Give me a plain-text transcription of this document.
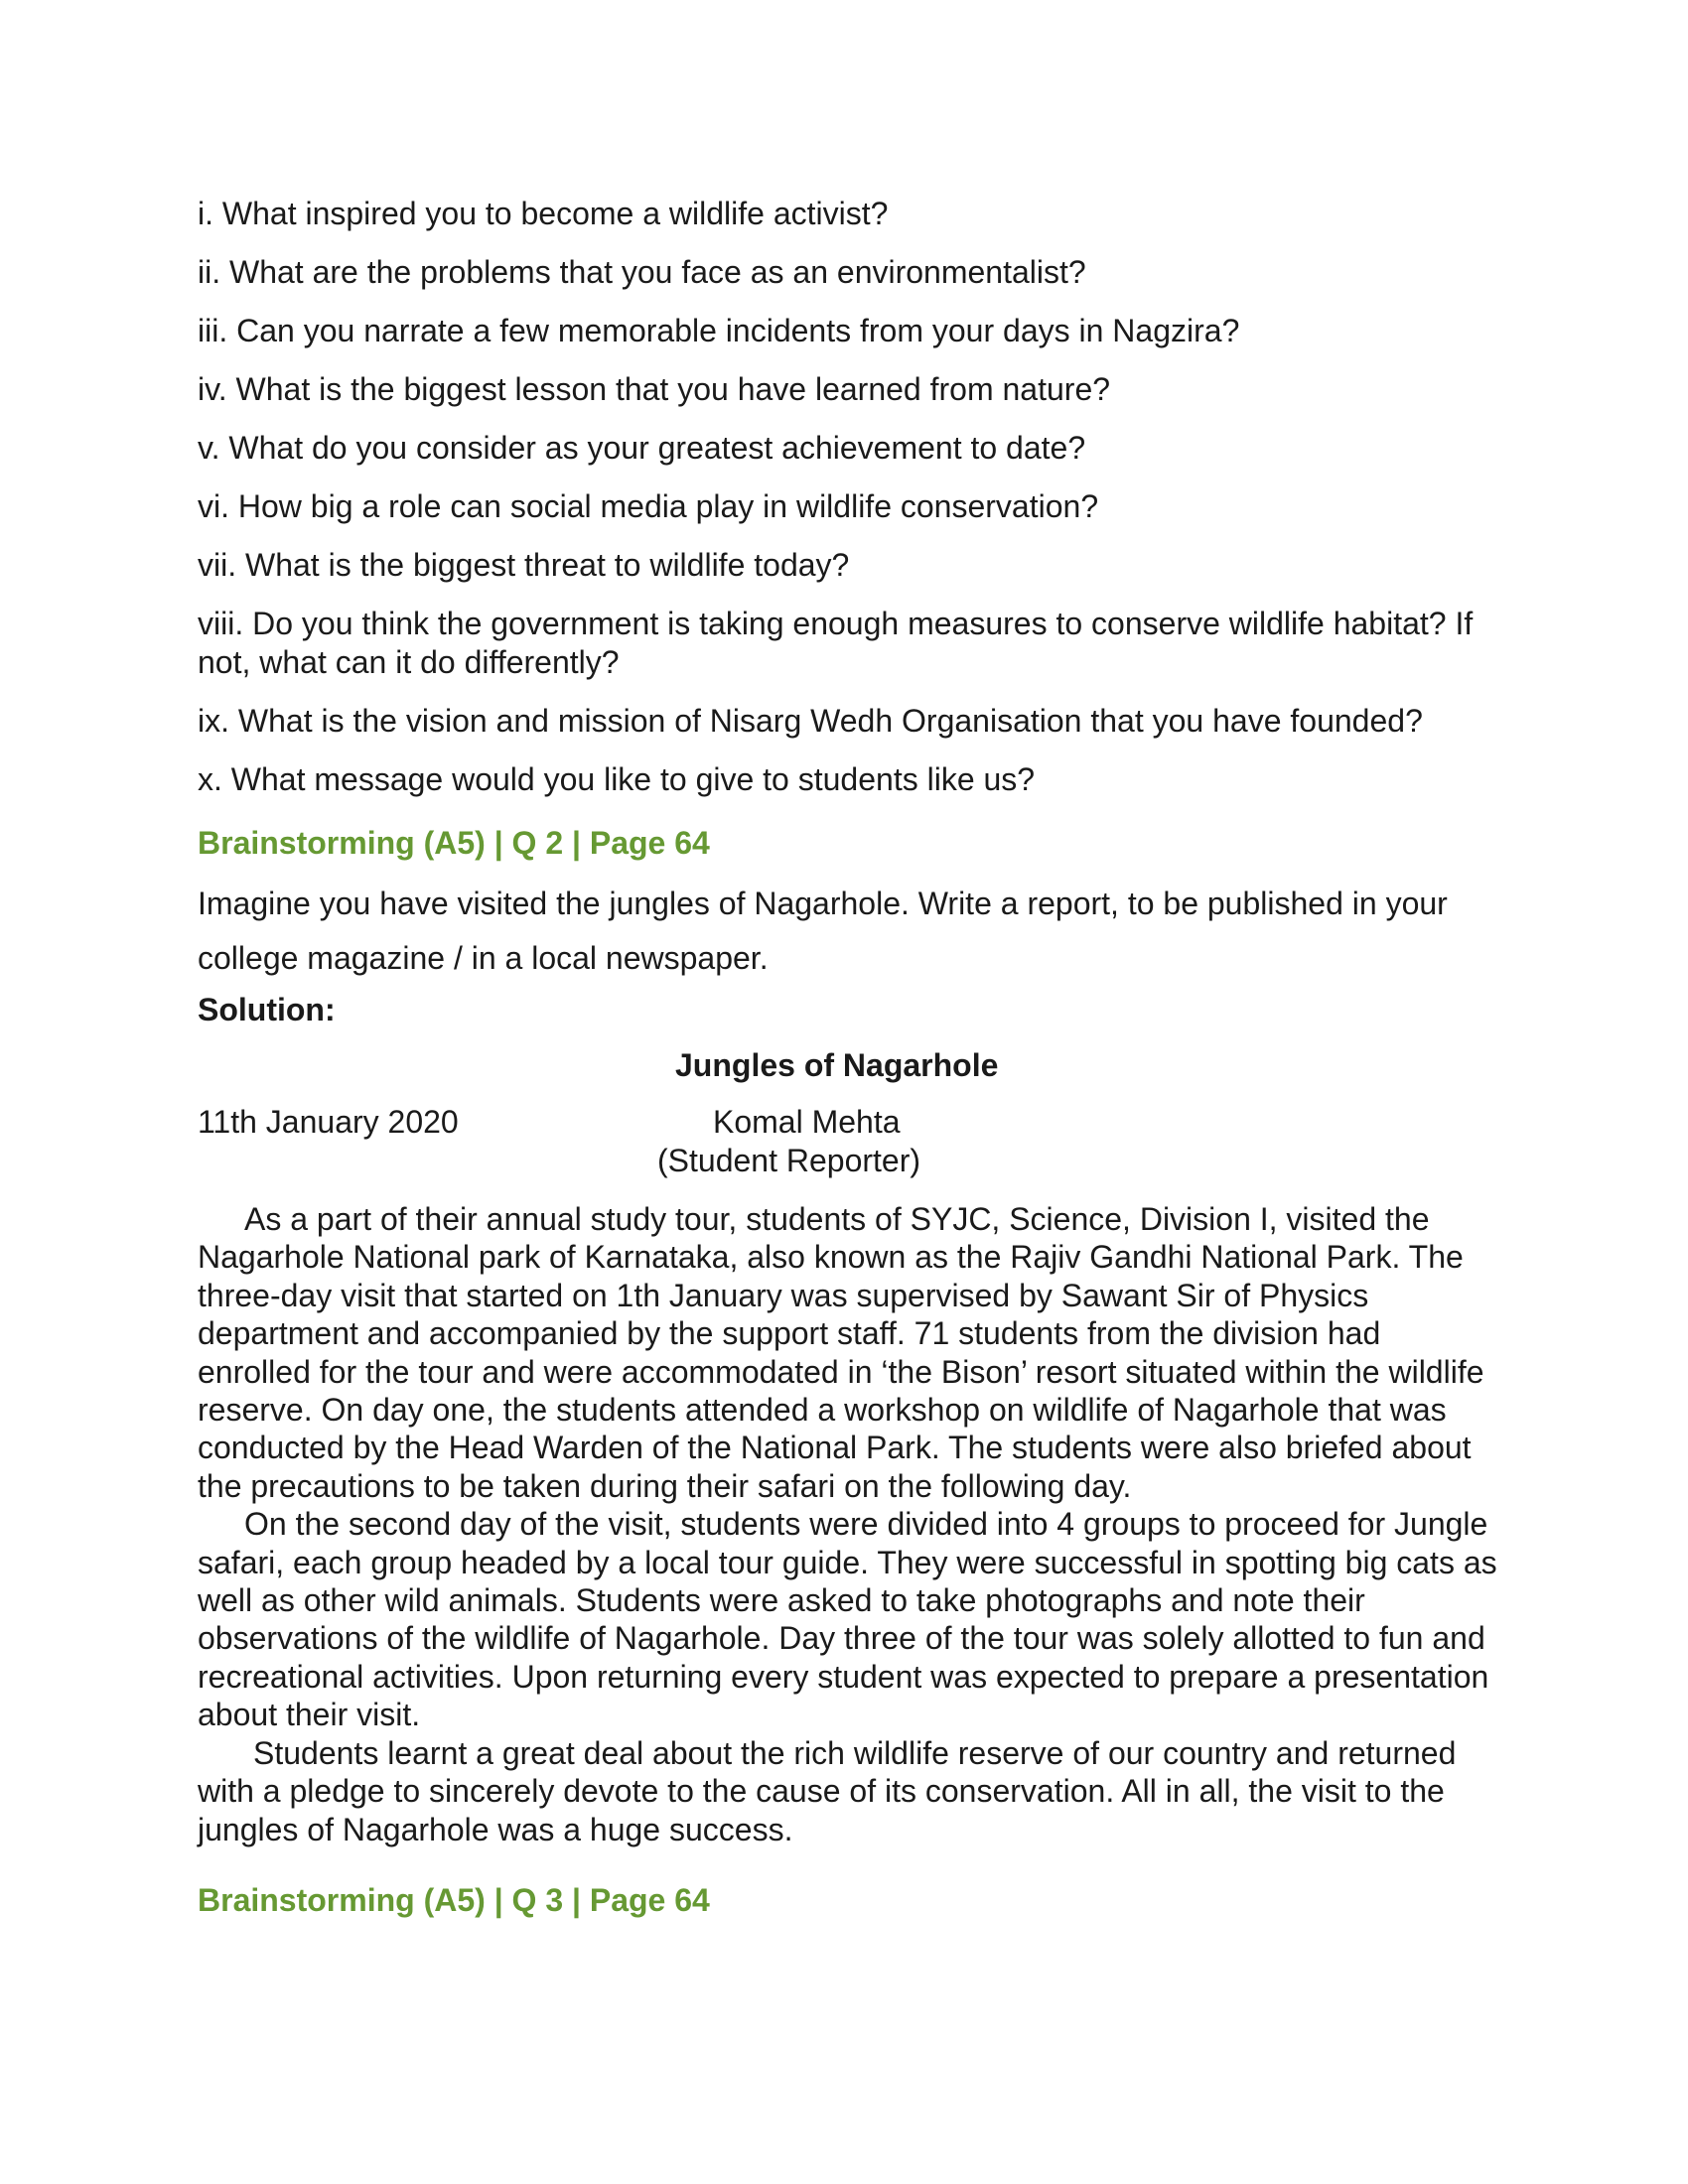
i. What inspired you to become a wildlife activist?

ii. What are the problems that you face as an environmentalist?

iii. Can you narrate a few memorable incidents from your days in Nagzira?

iv. What is the biggest lesson that you have learned from nature?

v. What do you consider as your greatest achievement to date?

vi. How big a role can social media play in wildlife conservation?

vii. What is the biggest threat to wildlife today?

viii. Do you think the government is taking enough measures to conserve wildlife habitat? If not, what can it do differently?

ix. What is the vision and mission of Nisarg Wedh Organisation that you have founded?

x. What message would you like to give to students like us?

Brainstorming (A5) | Q 2 | Page 64
Imagine you have visited the jungles of Nagarhole. Write a report, to be published in your college magazine / in a local newspaper.
Solution:
Jungles of Nagarhole
11th January 2020	Komal Mehta
(Student Reporter)

As a part of their annual study tour, students of SYJC, Science, Division I, visited the Nagarhole National park of Karnataka, also known as the Rajiv Gandhi National Park. The three-day visit that started on 1th January was supervised by Sawant Sir of Physics department and accompanied by the support staff. 71 students from the division had enrolled for the tour and were accommodated in ‘the Bison’ resort situated within the wildlife reserve. On day one, the students attended a workshop on wildlife of Nagarhole that was conducted by the Head Warden of the National Park. The students were also briefed about the precautions to be taken during their safari on the following day.

On the second day of the visit, students were divided into 4 groups to proceed for Jungle safari, each group headed by a local tour guide. They were successful in spotting big cats as well as other wild animals. Students were asked to take photographs and note their observations of the wildlife of Nagarhole. Day three of the tour was solely allotted to fun and recreational activities. Upon returning every student was expected to prepare a presentation about their visit.

Students learnt a great deal about the rich wildlife reserve of our country and returned with a pledge to sincerely devote to the cause of its conservation. All in all, the visit to the jungles of Nagarhole was a huge success.

Brainstorming (A5) | Q 3 | Page 64
